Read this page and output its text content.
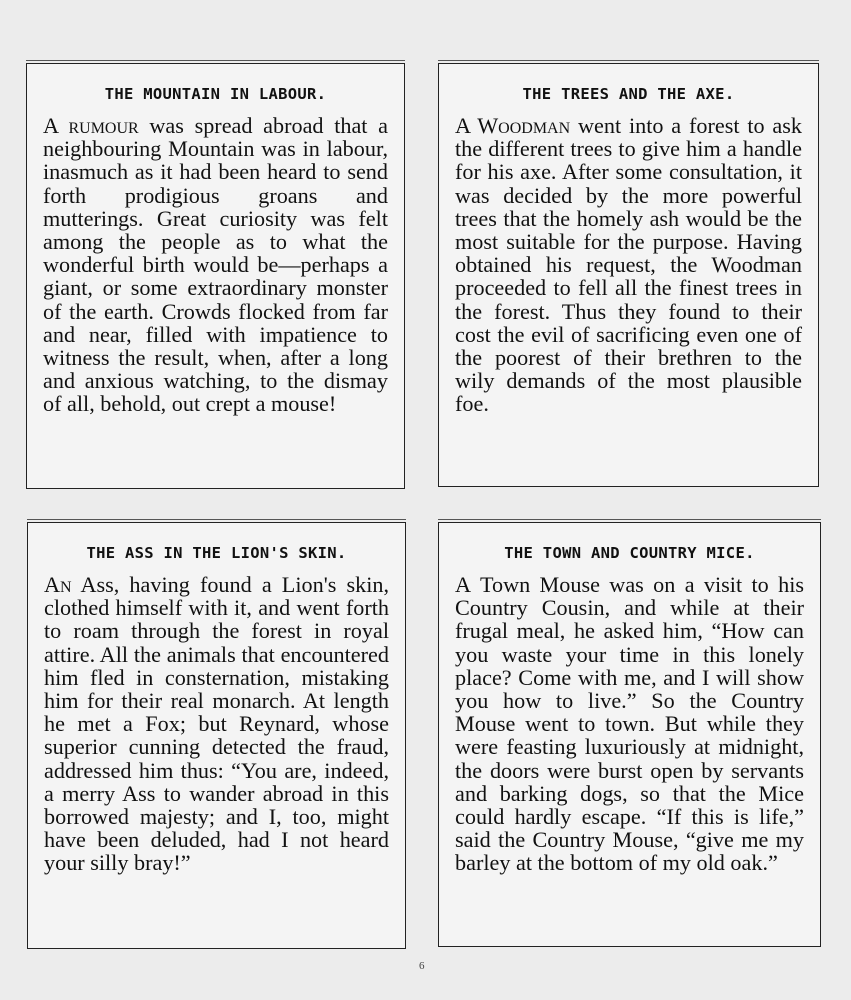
THE MOUNTAIN IN LABOUR.
A rumour was spread abroad that a neighbouring Mountain was in labour, inasmuch as it had been heard to send forth prodigious groans and mutterings. Great curiosity was felt among the people as to what the wonderful birth would be—perhaps a giant, or some extraordinary monster of the earth. Crowds flocked from far and near, filled with impatience to witness the result, when, after a long and anxious watching, to the dismay of all, behold, out crept a mouse!
THE TREES AND THE AXE.
A Woodman went into a forest to ask the different trees to give him a handle for his axe. After some consultation, it was decided by the more powerful trees that the homely ash would be the most suitable for the purpose. Having obtained his request, the Woodman proceeded to fell all the finest trees in the forest. Thus they found to their cost the evil of sacrificing even one of the poorest of their brethren to the wily demands of the most plausible foe.
THE ASS IN THE LION'S SKIN.
An Ass, having found a Lion's skin, clothed himself with it, and went forth to roam through the forest in royal attire. All the animals that encountered him fled in consternation, mistaking him for their real monarch. At length he met a Fox; but Reynard, whose superior cunning detected the fraud, addressed him thus: “You are, indeed, a merry Ass to wander abroad in this borrowed majesty; and I, too, might have been deluded, had I not heard your silly bray!”
THE TOWN AND COUNTRY MICE.
A Town Mouse was on a visit to his Country Cousin, and while at their frugal meal, he asked him, “How can you waste your time in this lonely place? Come with me, and I will show you how to live.” So the Country Mouse went to town. But while they were feasting luxuriously at midnight, the doors were burst open by servants and barking dogs, so that the Mice could hardly escape. “If this is life,” said the Country Mouse, “give me my barley at the bottom of my old oak.”
6
